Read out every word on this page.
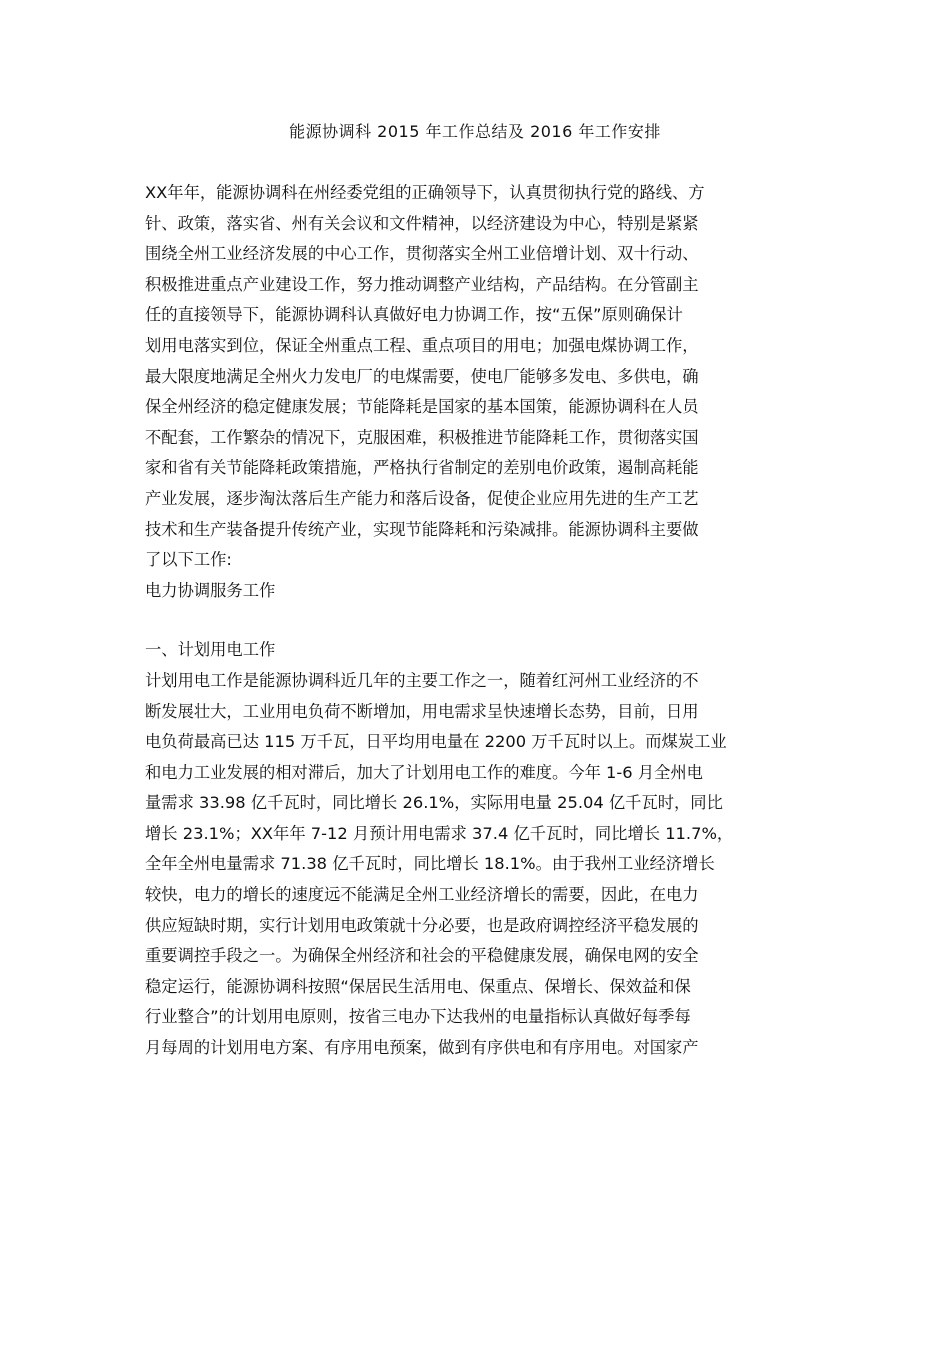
能源协调科 2015 年工作总结及 2016 年工作安排
XX年年，能源协调科在州经委党组的正确领导下，认真贯彻执行党的路线、方
针、政策，落实省、州有关会议和文件精神，以经济建设为中心，特别是紧紧
围绕全州工业经济发展的中心工作，贯彻落实全州工业倍增计划、双十行动、
积极推进重点产业建设工作，努力推动调整产业结构，产品结构。在分管副主
任的直接领导下，能源协调科认真做好电力协调工作，按“五保”原则确保计
划用电落实到位，保证全州重点工程、重点项目的用电；加强电煤协调工作，
最大限度地满足全州火力发电厂的电煤需要，使电厂能够多发电、多供电，确
保全州经济的稳定健康发展；节能降耗是国家的基本国策，能源协调科在人员
不配套，工作繁杂的情况下，克服困难，积极推进节能降耗工作，贯彻落实国
家和省有关节能降耗政策措施，严格执行省制定的差别电价政策，遏制高耗能
产业发展，逐步淘汰落后生产能力和落后设备，促使企业应用先进的生产工艺
技术和生产装备提升传统产业，实现节能降耗和污染减排。能源协调科主要做
了以下工作:
电力协调服务工作
一、计划用电工作
计划用电工作是能源协调科近几年的主要工作之一，随着红河州工业经济的不
断发展壮大，工业用电负荷不断增加，用电需求呈快速增长态势，目前，日用
电负荷最高已达 115 万千瓦，日平均用电量在 2200 万千瓦时以上。而煤炭工业
和电力工业发展的相对滞后，加大了计划用电工作的难度。今年 1-6 月全州电
量需求 33.98 亿千瓦时，同比增长 26.1%，实际用电量 25.04 亿千瓦时，同比
增长 23.1%；XX年年 7-12 月预计用电需求 37.4 亿千瓦时，同比增长 11.7%，
全年全州电量需求 71.38 亿千瓦时，同比增长 18.1%。由于我州工业经济增长
较快，电力的增长的速度远不能满足全州工业经济增长的需要，因此，在电力
供应短缺时期，实行计划用电政策就十分必要，也是政府调控经济平稳发展的
重要调控手段之一。为确保全州经济和社会的平稳健康发展，确保电网的安全
稳定运行，能源协调科按照“保居民生活用电、保重点、保增长、保效益和保
行业整合”的计划用电原则，按省三电办下达我州的电量指标认真做好每季每
月每周的计划用电方案、有序用电预案，做到有序供电和有序用电。对国家产
